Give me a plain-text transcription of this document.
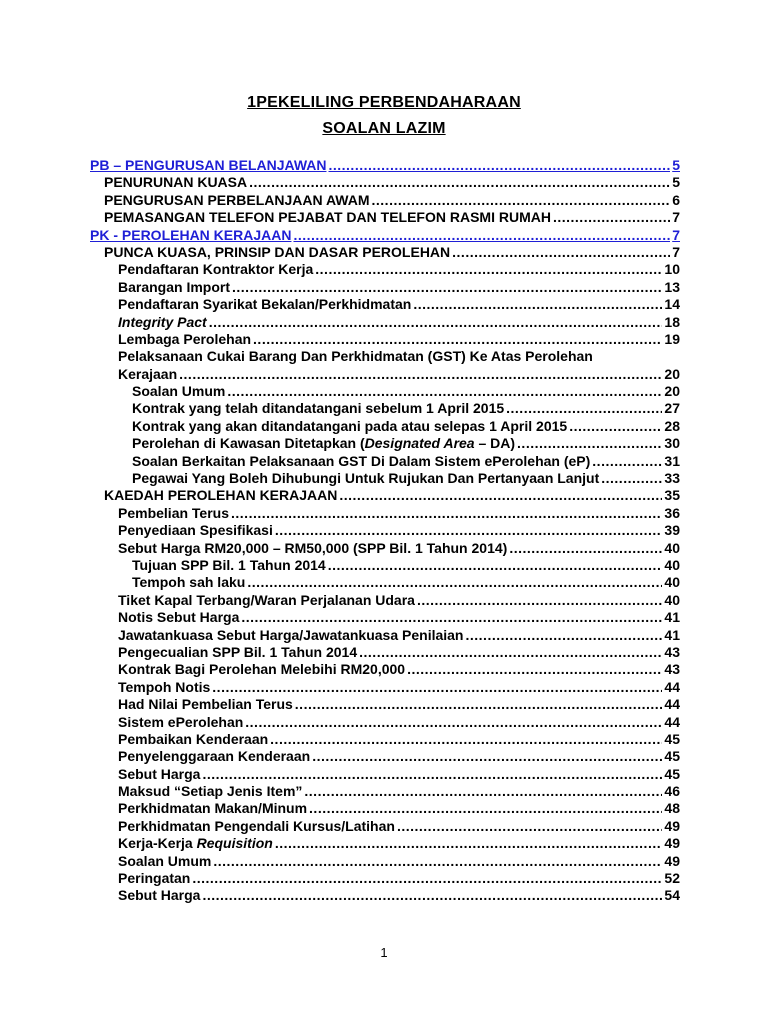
1PEKELILING PERBENDAHARAAN
SOALAN LAZIM
PB – PENGURUSAN BELANJAWAN .....	5
PENURUNAN KUASA .....	5
PENGURUSAN PERBELANJAAN AWAM .....	6
PEMASANGAN TELEFON PEJABAT DAN TELEFON RASMI RUMAH .....	7
PK - PEROLEHAN KERAJAAN .....	7
PUNCA KUASA, PRINSIP DAN DASAR PEROLEHAN .....	7
Pendaftaran Kontraktor Kerja .....	10
Barangan Import .....	13
Pendaftaran Syarikat Bekalan/Perkhidmatan .....	14
Integrity Pact .....	18
Lembaga Perolehan .....	19
Pelaksanaan Cukai Barang Dan Perkhidmatan (GST) Ke Atas Perolehan
Kerajaan .....	20
Soalan Umum .....	20
Kontrak yang telah ditandatangani sebelum 1 April 2015 .....	27
Kontrak yang akan ditandatangani pada atau selepas 1 April 2015 .....	28
Perolehan di Kawasan Ditetapkan (Designated Area – DA) .....	30
Soalan Berkaitan Pelaksanaan GST Di Dalam Sistem ePerolehan (eP) .....	31
Pegawai Yang Boleh Dihubungi Untuk Rujukan Dan Pertanyaan Lanjut .....	33
KAEDAH PEROLEHAN KERAJAAN .....	35
Pembelian Terus .....	36
Penyediaan Spesifikasi .....	39
Sebut Harga RM20,000 – RM50,000 (SPP Bil. 1 Tahun 2014) .....	40
Tujuan SPP Bil. 1 Tahun 2014 .....	40
Tempoh sah laku .....	40
Tiket Kapal Terbang/Waran Perjalanan Udara .....	40
Notis Sebut Harga .....	41
Jawatankuasa Sebut Harga/Jawatankuasa Penilaian .....	41
Pengecualian SPP Bil. 1 Tahun 2014 .....	43
Kontrak Bagi Perolehan Melebihi RM20,000 .....	43
Tempoh Notis .....	44
Had Nilai Pembelian Terus .....	44
Sistem ePerolehan .....	44
Pembaikan Kenderaan .....	45
Penyelenggaraan Kenderaan .....	45
Sebut Harga .....	45
Maksud “Setiap Jenis Item” .....	46
Perkhidmatan Makan/Minum .....	48
Perkhidmatan Pengendali Kursus/Latihan .....	49
Kerja-Kerja Requisition .....	49
Soalan Umum .....	49
Peringatan .....	52
Sebut Harga .....	54
1
